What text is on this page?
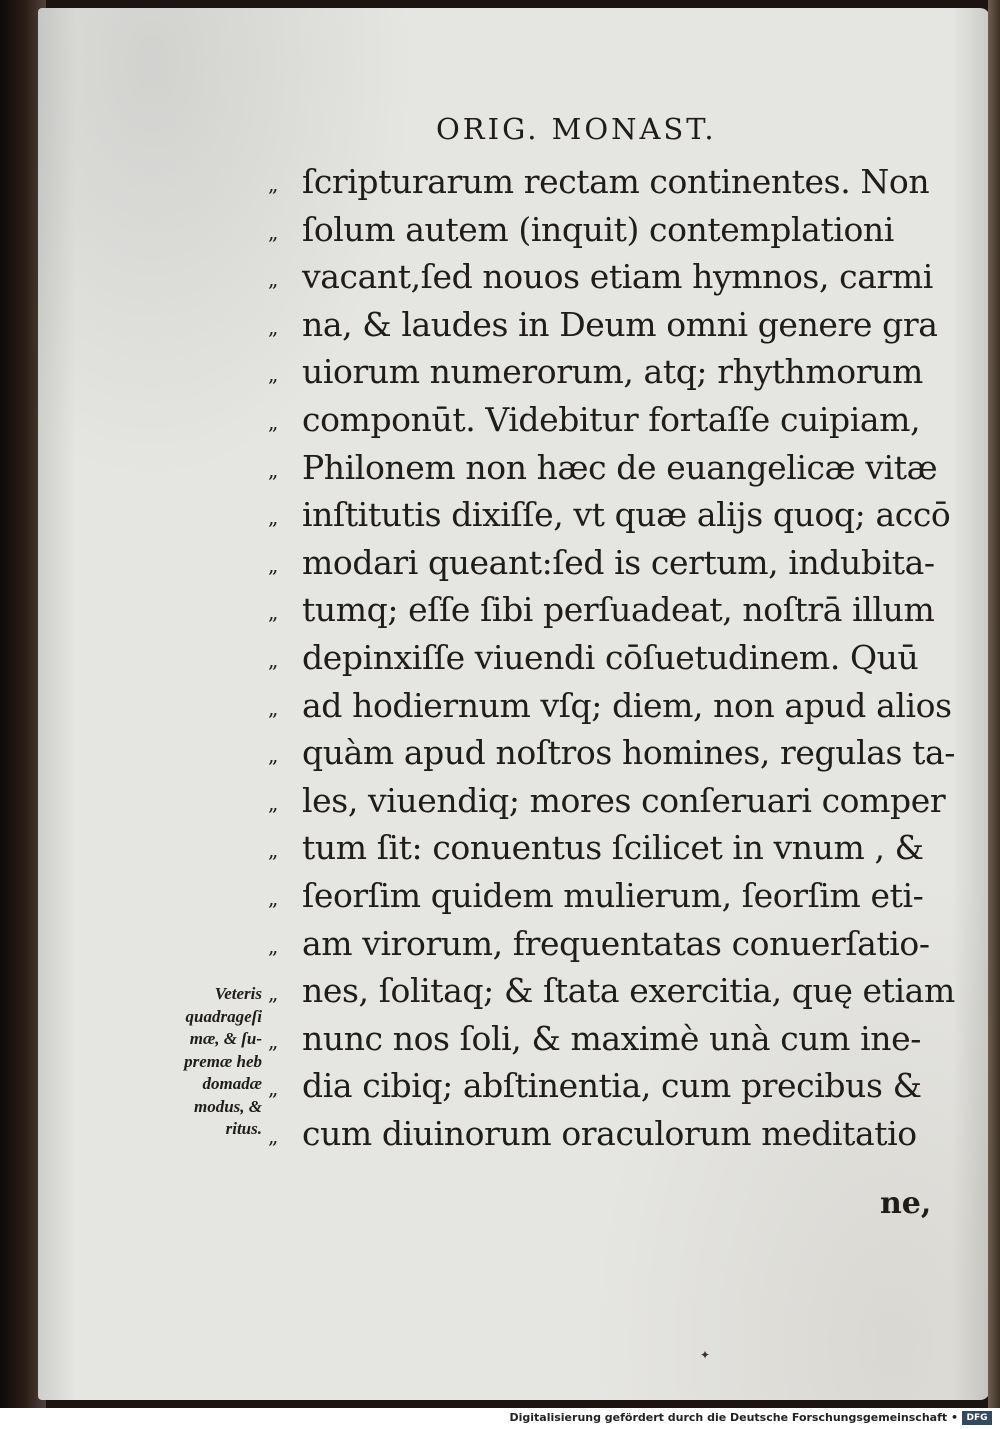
ORIG. MONAST.
„ ſcripturarum rectam continentes. Non
„ ſolum autem (inquit) contemplationi
„ vacant,ſed nouos etiam hymnos, carmi
„ na, & laudes in Deum omni genere gra
„ uiorum numerorum, atq; rhythmorum
„ componūt. Videbitur fortaſſe cuipiam,
„ Philonem non hæc de euangelicæ vitæ
„ inſtitutis dixiſſe, vt quæ alijs quoq; accō
„ modari queant:ſed is certum, indubita-
„ tumq; eſſe ſibi perſuadeat, noſtrā illum
„ depinxiſſe viuendi cōſuetudinem. Quū
„ ad hodiernum vſq; diem, non apud alios
„ quàm apud noſtros homines, regulas ta-
„ les, viuendiq; mores conſeruari comper
„ tum ſit: conuentus ſcilicet in vnum , &
„ ſeorſim quidem mulierum, ſeorſim eti-
„ am virorum, frequentatas conuerſatio-
„ nes, ſolitaq; & ſtata exercitia, quę etiam
„ nunc nos ſoli, & maximè unà cum ine-
„ dia cibiq; abſtinentia, cum precibus &
„ cum diuinorum oraculorum meditatio
ne,
Veteris
quadrageſi
mæ, & ſu-
premæ heb
domadæ
modus, &
ritus.
✦
Digitalisierung gefördert durch die Deutsche Forschungsgemeinschaft • DFG
